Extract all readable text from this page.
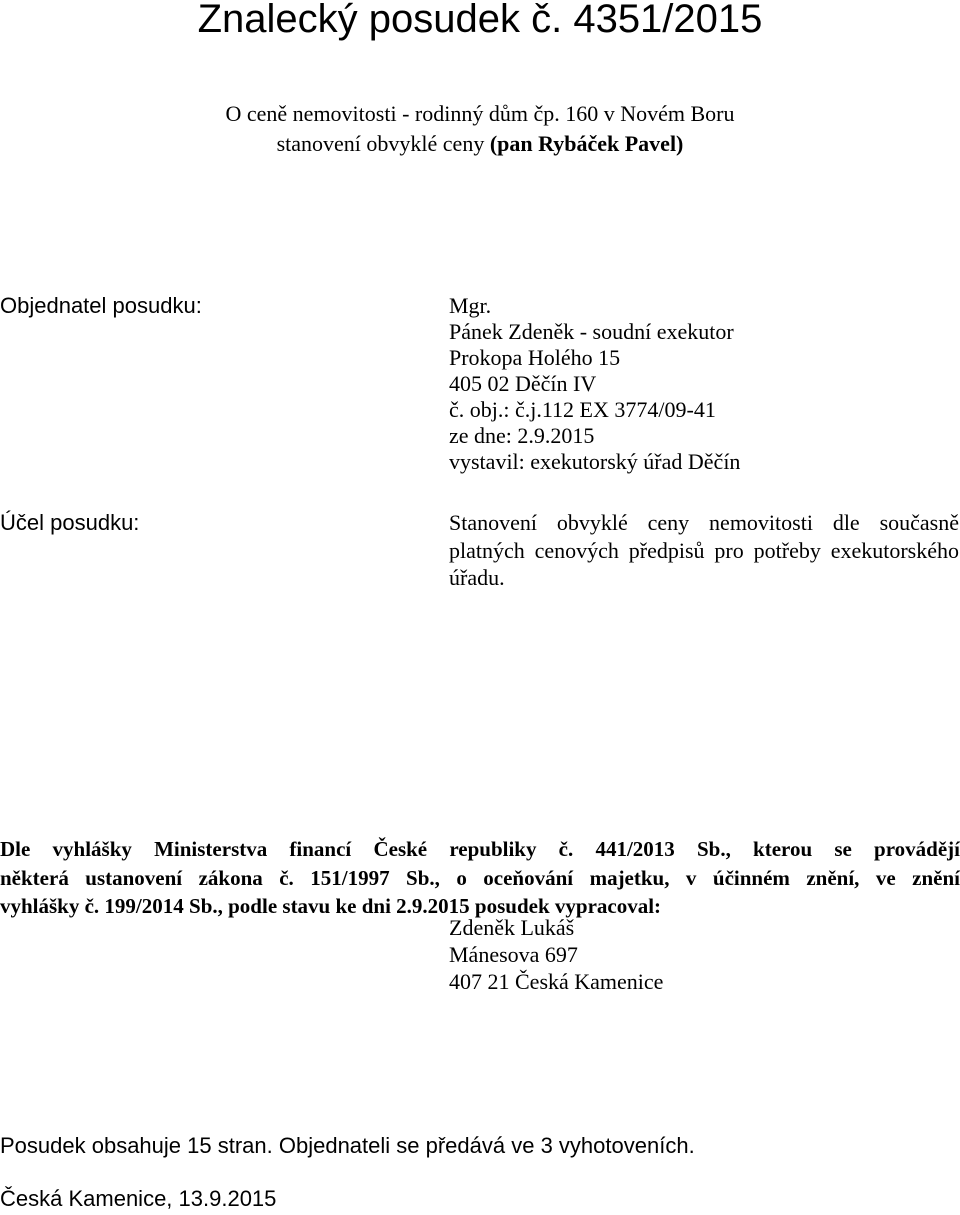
Znalecký posudek č. 4351/2015
O ceně nemovitosti - rodinný dům čp. 160 v Novém Boru
stanovení obvyklé ceny (pan Rybáček Pavel)
Objednatel posudku:	Mgr.
Pánek Zdeněk - soudní exekutor
Prokopa Holého 15
405 02 Děčín IV
č. obj.: č.j.112 EX 3774/09-41
ze dne: 2.9.2015
vystavil: exekutorský úřad Děčín
Účel posudku:	Stanovení obvyklé ceny nemovitosti dle současně platných cenových předpisů pro potřeby exekutorského úřadu.
Dle vyhlášky Ministerstva financí České republiky č. 441/2013 Sb., kterou se provádějí
některá ustanovení zákona č. 151/1997 Sb., o oceňování majetku, v účinném znění, ve znění
vyhlášky č. 199/2014 Sb., podle stavu ke dni 2.9.2015 posudek vypracoval:
Zdeněk Lukáš
Mánesova 697
407 21 Česká Kamenice
Posudek obsahuje 15 stran. Objednateli se předává ve 3 vyhotoveních.
Česká Kamenice, 13.9.2015
